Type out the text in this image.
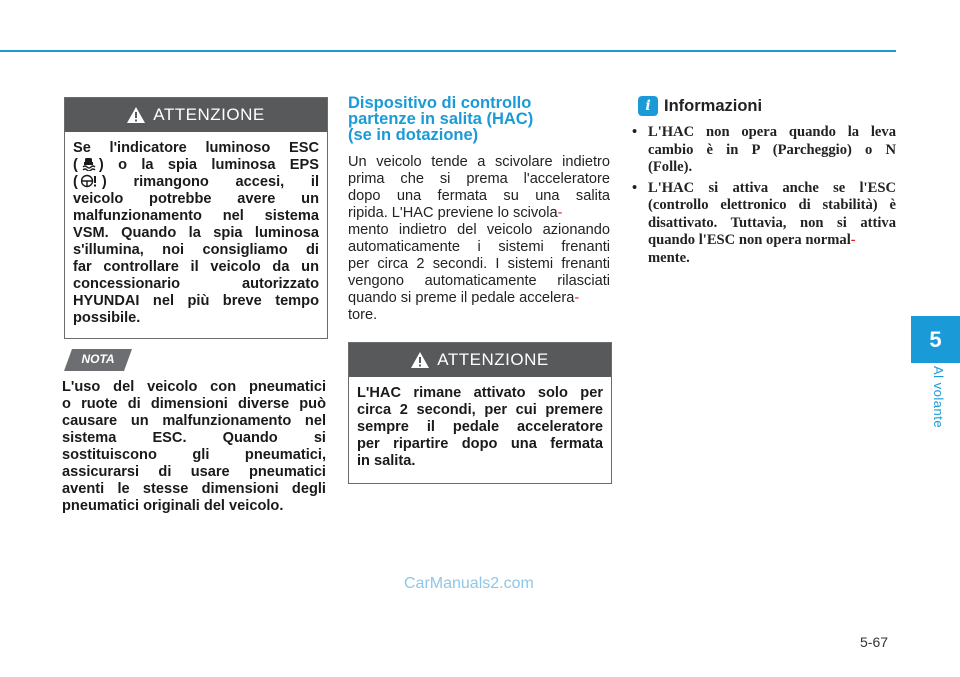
5
Al volante
ATTENZIONE
Se l'indicatore luminoso ESC
( ) o la spia luminosa EPS
( ) rimangono accesi, il
veicolo potrebbe avere un
malfunzionamento nel sistema
VSM. Quando la spia luminosa
s'illumina, noi consigliamo di
far controllare il veicolo da un
concessionario autorizzato
HYUNDAI nel più breve tempo
possibile.
NOTA
L'uso del veicolo con pneumatici
o ruote di dimensioni diverse può
causare un malfunzionamento nel
sistema ESC. Quando si
sostituiscono gli pneumatici,
assicurarsi di usare pneumatici
aventi le stesse dimensioni degli
pneumatici originali del veicolo.
Dispositivo di controllo
partenze in salita (HAC)
(se in dotazione)
Un veicolo tende a scivolare indietro
prima che si prema l'acceleratore
dopo una fermata su una salita
ripida. L'HAC previene lo scivola-
mento indietro del veicolo azionando
automaticamente i sistemi frenanti
per circa 2 secondi. I sistemi frenanti
vengono automaticamente rilasciati
quando si preme il pedale accelera-
tore.
ATTENZIONE
L'HAC rimane attivato solo per
circa 2 secondi, per cui premere
sempre il pedale acceleratore
per ripartire dopo una fermata
in salita.
i Informazioni
• L'HAC non opera quando la leva
cambio è in P (Parcheggio) o N
(Folle).
• L'HAC si attiva anche se l'ESC
(controllo elettronico di stabilità) è
disattivato. Tuttavia, non si attiva
quando l'ESC non opera normal-
mente.
CarManuals2.com
5-67
